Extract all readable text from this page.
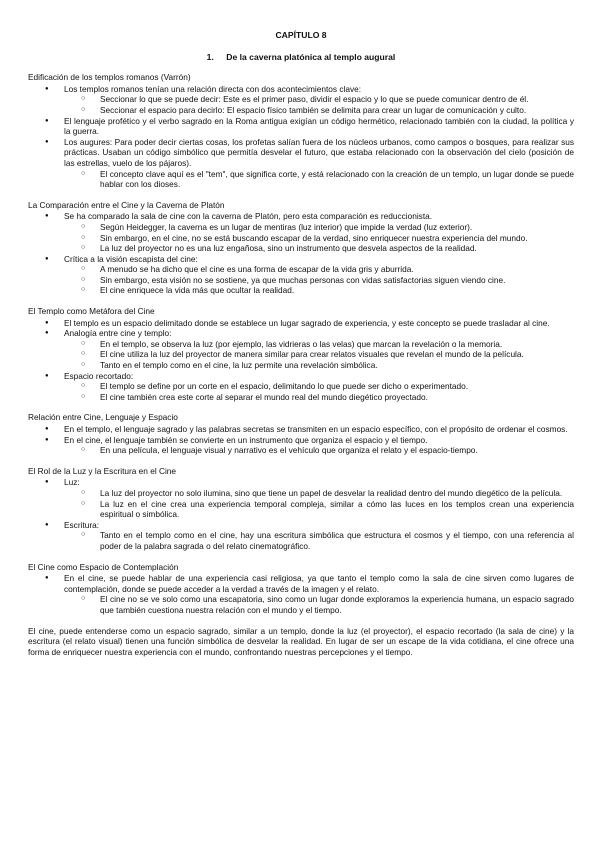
CAPÍTULO 8
1. De la caverna platónica al templo augural
Edificación de los templos romanos (Varrón)
● Los templos romanos tenían una relación directa con dos acontecimientos clave:
○ Seccionar lo que se puede decir: Este es el primer paso, dividir el espacio y lo que se puede comunicar dentro de él.
○ Seccionar el espacio para decirlo: El espacio físico también se delimita para crear un lugar de comunicación y culto.
● El lenguaje profético y el verbo sagrado en la Roma antigua exigían un código hermético, relacionado también con la ciudad, la política y la guerra.
● Los augures: Para poder decir ciertas cosas, los profetas salían fuera de los núcleos urbanos, como campos o bosques, para realizar sus prácticas. Usaban un código simbólico que permitía desvelar el futuro, que estaba relacionado con la observación del cielo (posición de las estrellas, vuelo de los pájaros).
○ El concepto clave aquí es el "tem", que significa corte, y está relacionado con la creación de un templo, un lugar donde se puede hablar con los dioses.
La Comparación entre el Cine y la Caverna de Platón
● Se ha comparado la sala de cine con la caverna de Platón, pero esta comparación es reduccionista.
○ Según Heidegger, la caverna es un lugar de mentiras (luz interior) que impide la verdad (luz exterior).
○ Sin embargo, en el cine, no se está buscando escapar de la verdad, sino enriquecer nuestra experiencia del mundo.
○ La luz del proyector no es una luz engañosa, sino un instrumento que desvela aspectos de la realidad.
● Crítica a la visión escapista del cine:
○ A menudo se ha dicho que el cine es una forma de escapar de la vida gris y aburrida.
○ Sin embargo, esta visión no se sostiene, ya que muchas personas con vidas satisfactorias siguen viendo cine.
○ El cine enriquece la vida más que ocultar la realidad.
El Templo como Metáfora del Cine
● El templo es un espacio delimitado donde se establece un lugar sagrado de experiencia, y este concepto se puede trasladar al cine.
● Analogía entre cine y templo:
○ En el templo, se observa la luz (por ejemplo, las vidrieras o las velas) que marcan la revelación o la memoria.
○ El cine utiliza la luz del proyector de manera similar para crear relatos visuales que revelan el mundo de la película.
○ Tanto en el templo como en el cine, la luz permite una revelación simbólica.
● Espacio recortado:
○ El templo se define por un corte en el espacio, delimitando lo que puede ser dicho o experimentado.
○ El cine también crea este corte al separar el mundo real del mundo diegético proyectado.
Relación entre Cine, Lenguaje y Espacio
● En el templo, el lenguaje sagrado y las palabras secretas se transmiten en un espacio específico, con el propósito de ordenar el cosmos.
● En el cine, el lenguaje también se convierte en un instrumento que organiza el espacio y el tiempo.
○ En una película, el lenguaje visual y narrativo es el vehículo que organiza el relato y el espacio-tiempo.
El Rol de la Luz y la Escritura en el Cine
● Luz:
○ La luz del proyector no solo ilumina, sino que tiene un papel de desvelar la realidad dentro del mundo diegético de la película.
○ La luz en el cine crea una experiencia temporal compleja, similar a cómo las luces en los templos crean una experiencia espiritual o simbólica.
● Escritura:
○ Tanto en el templo como en el cine, hay una escritura simbólica que estructura el cosmos y el tiempo, con una referencia al poder de la palabra sagrada o del relato cinematográfico.
El Cine como Espacio de Contemplación
● En el cine, se puede hablar de una experiencia casi religiosa, ya que tanto el templo como la sala de cine sirven como lugares de contemplación, donde se puede acceder a la verdad a través de la imagen y el relato.
○ El cine no se ve solo como una escapatoria, sino como un lugar donde exploramos la experiencia humana, un espacio sagrado que también cuestiona nuestra relación con el mundo y el tiempo.

El cine, puede entenderse como un espacio sagrado, similar a un templo, donde la luz (el proyector), el espacio recortado (la sala de cine) y la escritura (el relato visual) tienen una función simbólica de desvelar la realidad. En lugar de ser un escape de la vida cotidiana, el cine ofrece una forma de enriquecer nuestra experiencia con el mundo, confrontando nuestras percepciones y el tiempo.
